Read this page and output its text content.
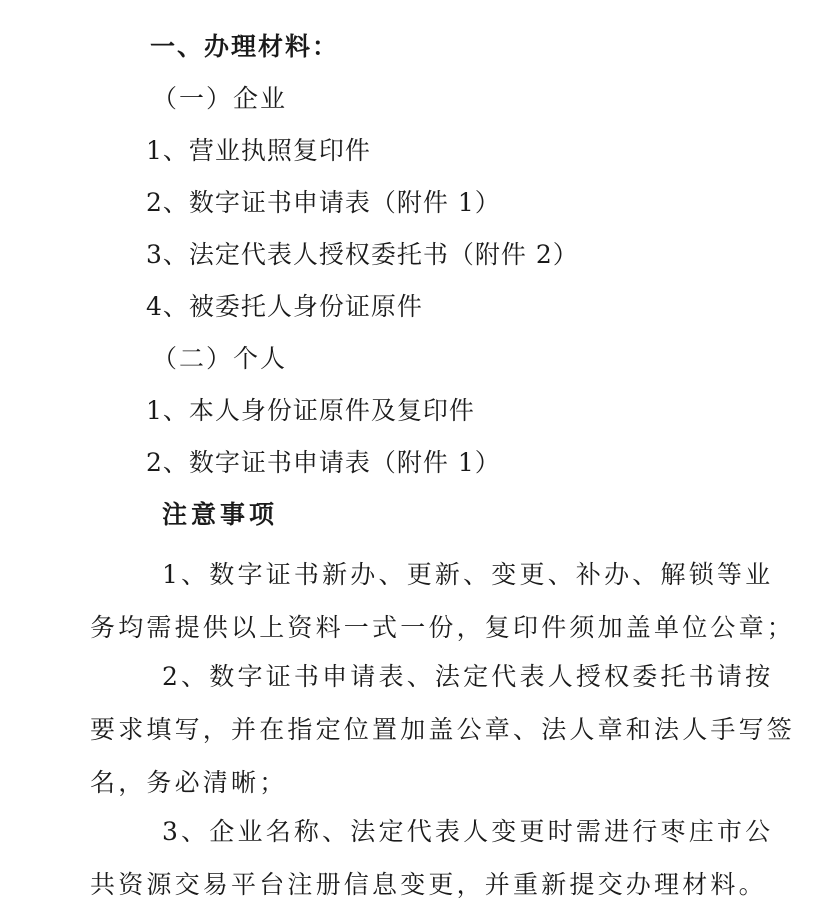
一、办理材料：
（一）企业
1、营业执照复印件
2、数字证书申请表（附件 1）
3、法定代表人授权委托书（附件 2）
4、被委托人身份证原件
（二）个人
1、本人身份证原件及复印件
2、数字证书申请表（附件 1）
注意事项
1、数字证书新办、更新、变更、补办、解锁等业务均需提供以上资料一式一份，复印件须加盖单位公章；
2、数字证书申请表、法定代表人授权委托书请按要求填写，并在指定位置加盖公章、法人章和法人手写签名，务必清晰；
3、企业名称、法定代表人变更时需进行枣庄市公共资源交易平台注册信息变更，并重新提交办理材料。
